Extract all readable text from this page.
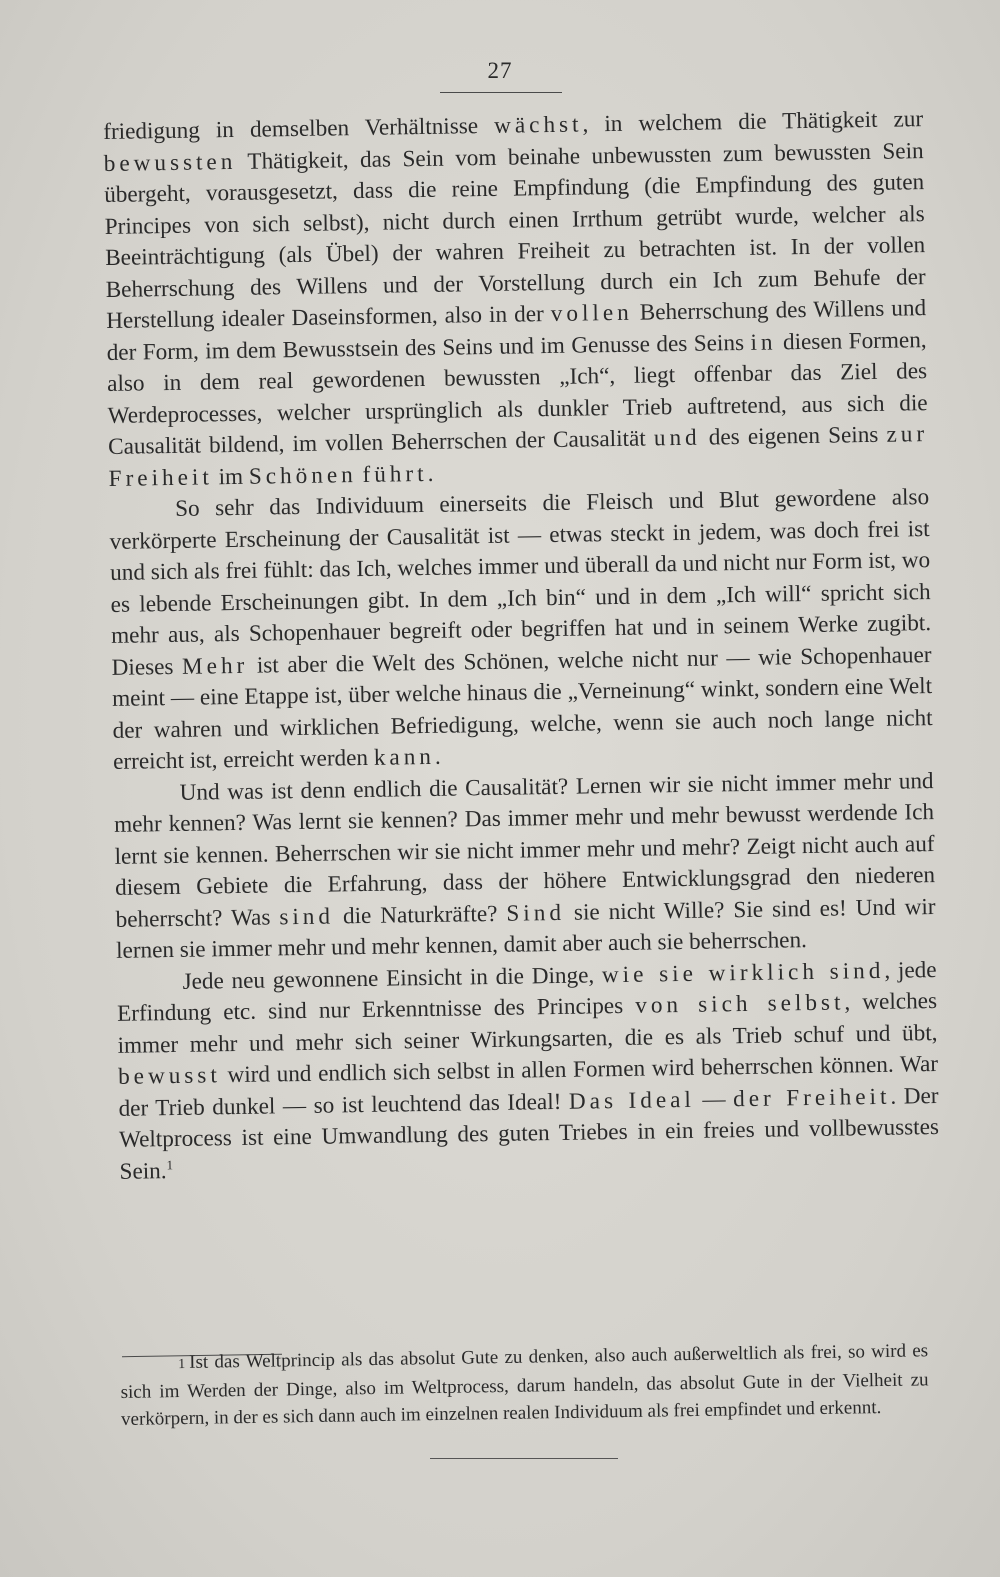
27

friedigung in demselben Verhältnisse wächst, in welchem die Thätigkeit zur bewussten Thätigkeit, das Sein vom beinahe unbewussten zum bewussten Sein übergeht, vorausgesetzt, dass die reine Empfindung (die Empfindung des guten Principes von sich selbst), nicht durch einen Irrthum getrübt wurde, welcher als Beeinträchtigung (als Übel) der wahren Freiheit zu betrachten ist. In der vollen Beherrschung des Willens und der Vorstellung durch ein Ich zum Behufe der Herstellung idealer Daseinsformen, also in der vollen Beherrschung des Willens und der Form, im dem Bewusstsein des Seins und im Genusse des Seins in diesen Formen, also in dem real gewordenen bewussten „Ich“, liegt offenbar das Ziel des Werdeprocesses, welcher ursprünglich als dunkler Trieb auftretend, aus sich die Causalität bildend, im vollen Beherrschen der Causalität und des eigenen Seins zur Freiheit im Schönen führt.

So sehr das Individuum einerseits die Fleisch und Blut gewordene also verkörperte Erscheinung der Causalität ist — etwas steckt in jedem, was doch frei ist und sich als frei fühlt: das Ich, welches immer und überall da und nicht nur Form ist, wo es lebende Erscheinungen gibt. In dem „Ich bin“ und in dem „Ich will“ spricht sich mehr aus, als Schopenhauer begreift oder begriffen hat und in seinem Werke zugibt. Dieses Mehr ist aber die Welt des Schönen, welche nicht nur — wie Schopenhauer meint — eine Etappe ist, über welche hinaus die „Verneinung“ winkt, sondern eine Welt der wahren und wirklichen Befriedigung, welche, wenn sie auch noch lange nicht erreicht ist, erreicht werden kann.

Und was ist denn endlich die Causalität? Lernen wir sie nicht immer mehr und mehr kennen? Was lernt sie kennen? Das immer mehr und mehr bewusst werdende Ich lernt sie kennen. Beherrschen wir sie nicht immer mehr und mehr? Zeigt nicht auch auf diesem Gebiete die Erfahrung, dass der höhere Entwicklungsgrad den niederen beherrscht? Was sind die Naturkräfte? Sind sie nicht Wille? Sie sind es! Und wir lernen sie immer mehr und mehr kennen, damit aber auch sie beherrschen.

Jede neu gewonnene Einsicht in die Dinge, wie sie wirklich sind, jede Erfindung etc. sind nur Erkenntnisse des Principes von sich selbst, welches immer mehr und mehr sich seiner Wirkungsarten, die es als Trieb schuf und übt, bewusst wird und endlich sich selbst in allen Formen wird beherrschen können. War der Trieb dunkel — so ist leuchtend das Ideal! Das Ideal — der Freiheit. Der Weltprocess ist eine Umwandlung des guten Triebes in ein freies und vollbewusstes Sein.$^1$

1 Ist das Weltprincip als das absolut Gute zu denken, also auch außerweltlich als frei, so wird es sich im Werden der Dinge, also im Weltprocess, darum handeln, das absolut Gute in der Vielheit zu verkörpern, in der es sich dann auch im einzelnen realen Individuum als frei empfindet und erkennt.
